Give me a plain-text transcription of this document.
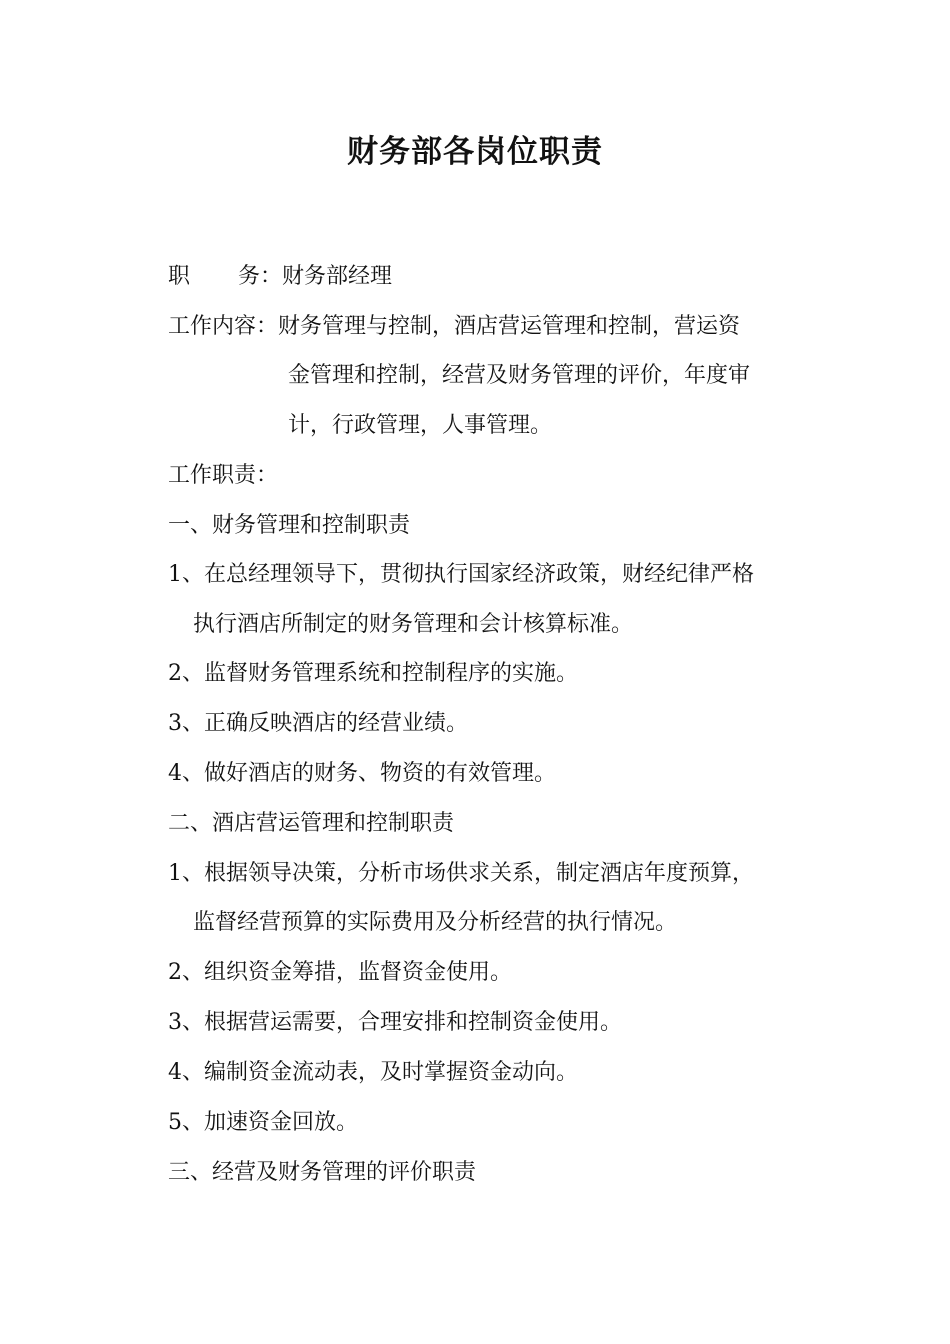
财务部各岗位职责
职 务：财务部经理
工作内容：财务管理与控制，酒店营运管理和控制，营运资
金管理和控制，经营及财务管理的评价，年度审
计，行政管理，人事管理。
工作职责：
一、财务管理和控制职责
1、在总经理领导下，贯彻执行国家经济政策，财经纪律严格
执行酒店所制定的财务管理和会计核算标准。
2、监督财务管理系统和控制程序的实施。
3、正确反映酒店的经营业绩。
4、做好酒店的财务、物资的有效管理。
二、酒店营运管理和控制职责
1、根据领导决策，分析市场供求关系，制定酒店年度预算，
监督经营预算的实际费用及分析经营的执行情况。
2、组织资金筹措，监督资金使用。
3、根据营运需要，合理安排和控制资金使用。
4、编制资金流动表，及时掌握资金动向。
5、加速资金回放。
三、经营及财务管理的评价职责
